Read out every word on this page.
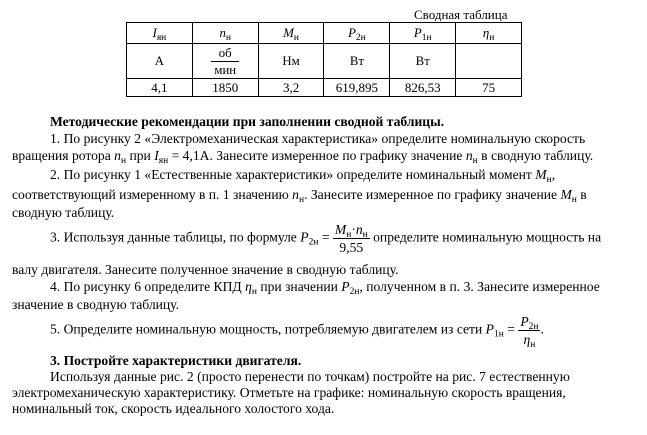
Сводная таблица
$I_{ян}$	$n_н$	$M_н$	$P_{2н}$	$P_{1н}$	$\eta_н$
А	$\frac{об}{\text{мин}}$	Нм	Вт	Вт	
4,1	1850	3,2	619,895	826,53	75
Методические рекомендации при заполнении сводной таблицы.
1. По рисунку 2 «Электромеханическая характеристика» определите номинальную скорость
вращения ротора $n_н$ при $I_{ян} = 4,1А$. Занесите измеренное по графику значение $n_н$ в сводную таблицу.
2. По рисунку 1 «Естественные характеристики» определите номинальный момент $M_н$,
соответствующий измеренному в п. 1 значению $n_н$. Занесите измеренное по графику значение $M_н$ в
сводную таблицу.
3. Используя данные таблицы, по формуле $P_{2н} = \frac{M_н\cdot n_н}{9,55}$ определите номинальную мощность на
валу двигателя. Занесите полученное значение в сводную таблицу.
4. По рисунку 6 определите КПД $\eta_н$ при значении $P_{2н}$, полученном в п. 3. Занесите измеренное
значение в сводную таблицу.
5. Определите номинальную мощность, потребляемую двигателем из сети $P_{1н} = \frac{P_{2н}}{\eta_н}$ .
3. Постройте характеристики двигателя.
Используя данные рис. 2 (просто перенести по точкам) постройте на рис. 7 естественную
электромеханическую характеристику. Отметьте на графике: номинальную скорость вращения,
номинальный ток, скорость идеального холостого хода.
